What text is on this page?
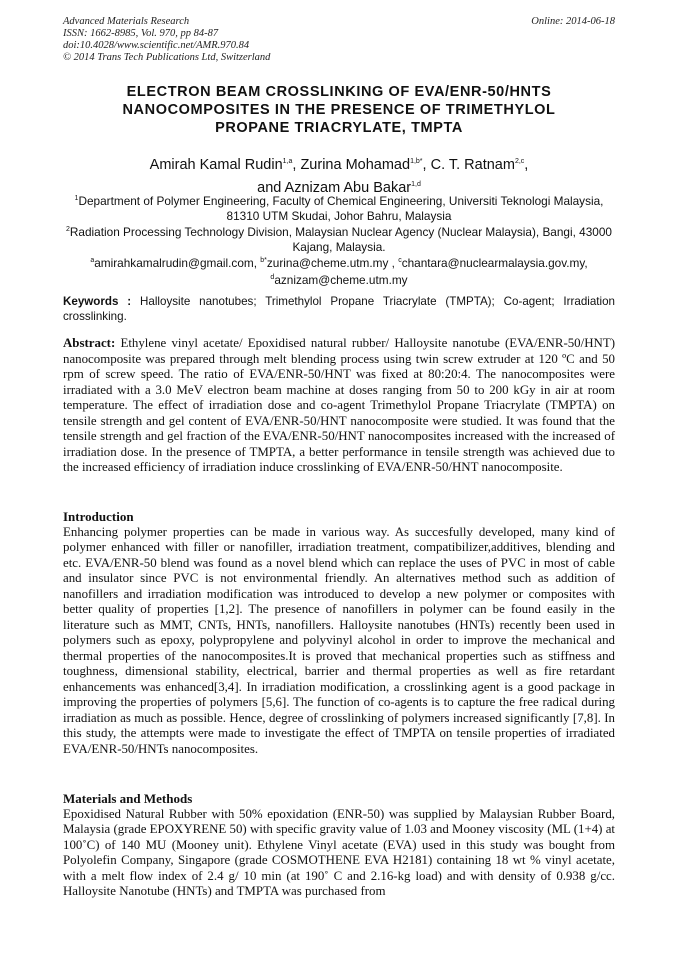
Advanced Materials Research
ISSN: 1662-8985, Vol. 970, pp 84-87
doi:10.4028/www.scientific.net/AMR.970.84
© 2014 Trans Tech Publications Ltd, Switzerland
Online: 2014-06-18
ELECTRON BEAM CROSSLINKING OF EVA/ENR-50/HNTS
NANOCOMPOSITES IN THE PRESENCE OF TRIMETHYLOL
PROPANE TRIACRYLATE, TMPTA
Amirah Kamal Rudin$^{1,a}$, Zurina Mohamad$^{1,b*}$, C. T. Ratnam$^{2,c}$,
and Aznizam Abu Bakar$^{1,d}$
$^1$Department of Polymer Engineering, Faculty of Chemical Engineering, Universiti Teknologi Malaysia, 81310 UTM Skudai, Johor Bahru, Malaysia
$^2$Radiation Processing Technology Division, Malaysian Nuclear Agency (Nuclear Malaysia), Bangi, 43000 Kajang, Malaysia.
$^a$amirahkamalrudin@gmail.com, $^{b*}$zurina@cheme.utm.my , $^c$chantara@nuclearmalaysia.gov.my,
$^d$aznizam@cheme.utm.my
Keywords : Halloysite nanotubes; Trimethylol Propane Triacrylate (TMPTA); Co-agent; Irradiation crosslinking.
Abstract: Ethylene vinyl acetate/ Epoxidised natural rubber/ Halloysite nanotube (EVA/ENR-50/HNT) nanocomposite was prepared through melt blending process using twin screw extruder at 120 ºC and 50 rpm of screw speed. The ratio of EVA/ENR-50/HNT was fixed at 80:20:4. The nanocomposites were irradiated with a 3.0 MeV electron beam machine at doses ranging from 50 to 200 kGy in air at room temperature. The effect of irradiation dose and co-agent Trimethylol Propane Triacrylate (TMPTA) on tensile strength and gel content of EVA/ENR-50/HNT nanocomposite were studied. It was found that the tensile strength and gel fraction of the EVA/ENR-50/HNT nanocomposites increased with the increased of irradiation dose. In the presence of TMPTA, a better performance in tensile strength was achieved due to the increased efficiency of irradiation induce crosslinking of EVA/ENR-50/HNT nanocomposite.
Introduction
Enhancing polymer properties can be made in various way. As succesfully developed, many kind of polymer enhanced with filler or nanofiller, irradiation treatment, compatibilizer,additives, blending and etc. EVA/ENR-50 blend was found as a novel blend which can replace the uses of PVC in most of cable and insulator since PVC is not environmental friendly. An alternatives method such as addition of nanofillers and irradiation modification was introduced to develop a new polymer or composites with better quality of properties [1,2]. The presence of nanofillers in polymer can be found easily in the literature such as MMT, CNTs, HNTs, nanofillers. Halloysite nanotubes (HNTs) recently been used in polymers such as epoxy, polypropylene and polyvinyl alcohol in order to improve the mechanical and thermal properties of the nanocomposites.It is proved that mechanical properties such as stiffness and toughness, dimensional stability, electrical, barrier and thermal properties as well as fire retardant enhancements was enhanced[3,4]. In irradiation modification, a crosslinking agent is a good package in improving the properties of polymers [5,6]. The function of co-agents is to capture the free radical during irradiation as much as possible. Hence, degree of crosslinking of polymers increased significantly [7,8]. In this study, the attempts were made to investigate the effect of TMPTA on tensile properties of irradiated EVA/ENR-50/HNTs nanocomposites.
Materials and Methods
Epoxidised Natural Rubber with 50% epoxidation (ENR-50) was supplied by Malaysian Rubber Board, Malaysia (grade EPOXYRENE 50) with specific gravity value of 1.03 and Mooney viscosity (ML (1+4) at 100˚C) of 140 MU (Mooney unit). Ethylene Vinyl acetate (EVA) used in this study was bought from Polyolefin Company, Singapore (grade COSMOTHENE EVA H2181) containing 18 wt % vinyl acetate, with a melt flow index of 2.4 g/ 10 min (at 190˚ C and 2.16-kg load) and with density of 0.938 g/cc. Halloysite Nanotube (HNTs) and TMPTA was purchased from
